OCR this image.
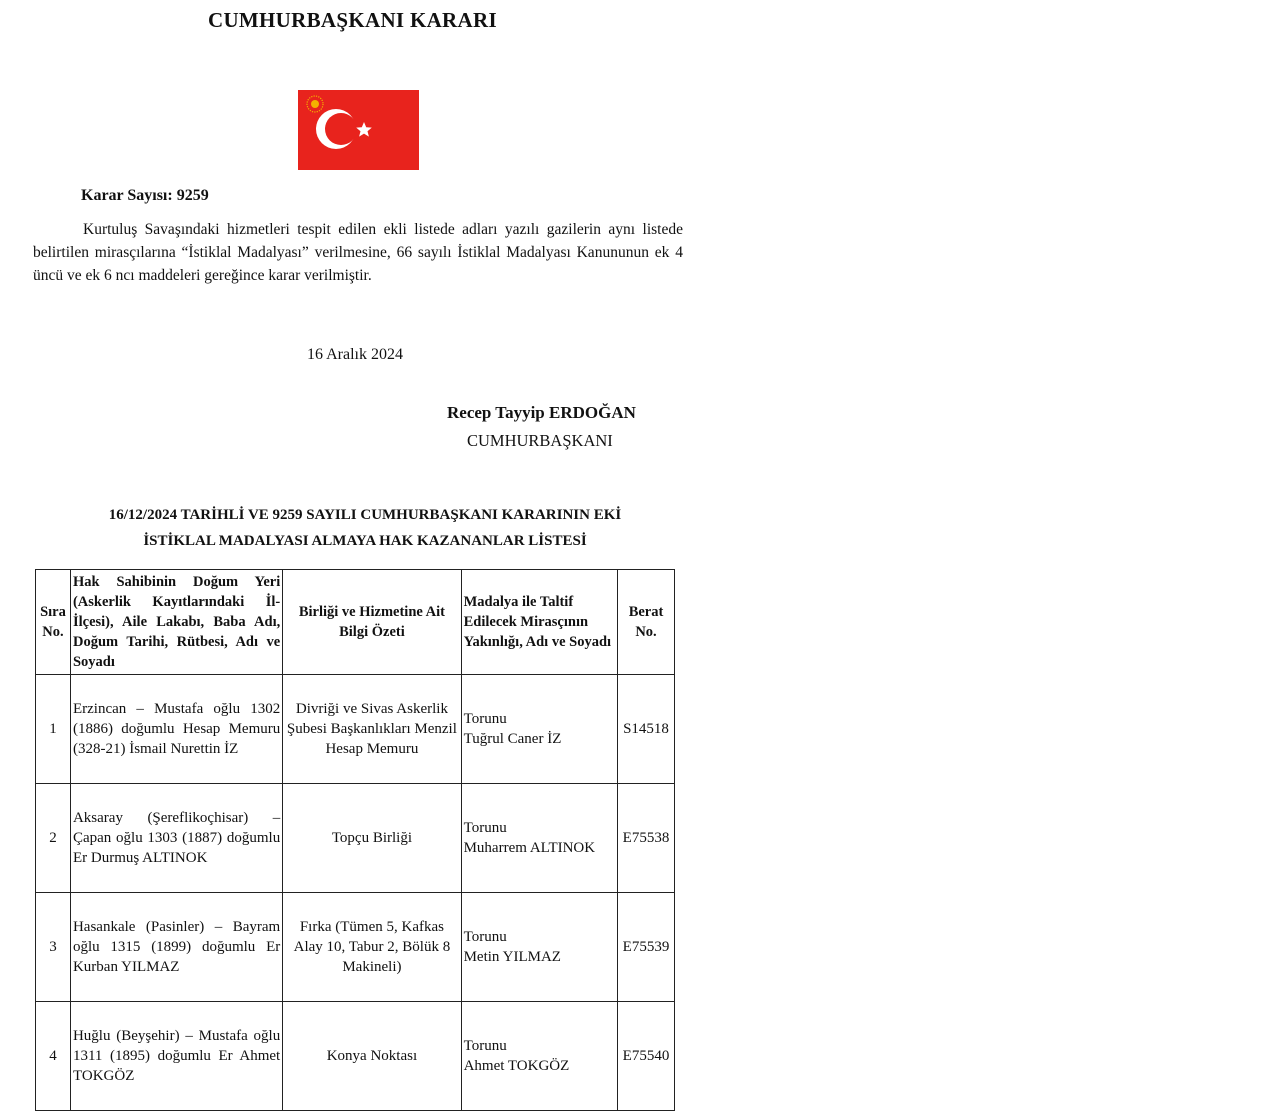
CUMHURBAŞKANI KARARI
Karar Sayısı: 9259
Kurtuluş Savaşındaki hizmetleri tespit edilen ekli listede adları yazılı gazilerin aynı listede belirtilen mirasçılarına “İstiklal Madalyası” verilmesine, 66 sayılı İstiklal Madalyası Kanununun ek 4 üncü ve ek 6 ncı maddeleri gereğince karar verilmiştir.
16 Aralık 2024
Recep Tayyip ERDOĞAN
CUMHURBAŞKANI
16/12/2024 TARİHLİ VE 9259 SAYILI CUMHURBAŞKANI KARARININ EKİ
İSTİKLAL MADALYASI ALMAYA HAK KAZANANLAR LİSTESİ
Sıra No.	Hak Sahibinin Doğum Yeri (Askerlik Kayıtlarındaki İl-İlçesi), Aile Lakabı, Baba Adı, Doğum Tarihi, Rütbesi, Adı ve Soyadı	Birliği ve Hizmetine Ait Bilgi Özeti	Madalya ile Taltif Edilecek Mirasçının Yakınlığı, Adı ve Soyadı	Berat No.
1	Erzincan – Mustafa oğlu 1302 (1886) doğumlu Hesap Memuru (328-21) İsmail Nurettin İZ	Divriği ve Sivas Askerlik Şubesi Başkanlıkları Menzil Hesap Memuru	Torunu
Tuğrul Caner İZ	S14518
2	Aksaray (Şereflikoçhisar) – Çapan oğlu 1303 (1887) doğumlu Er Durmuş ALTINOK	Topçu Birliği	Torunu
Muharrem ALTINOK	E75538
3	Hasankale (Pasinler) – Bayram oğlu 1315 (1899) doğumlu Er Kurban YILMAZ	Fırka (Tümen 5, Kafkas Alay 10, Tabur 2, Bölük 8 Makineli)	Torunu
Metin YILMAZ	E75539
4	Huğlu (Beyşehir) – Mustafa oğlu 1311 (1895) doğumlu Er Ahmet TOKGÖZ	Konya Noktası	Torunu
Ahmet TOKGÖZ	E75540
